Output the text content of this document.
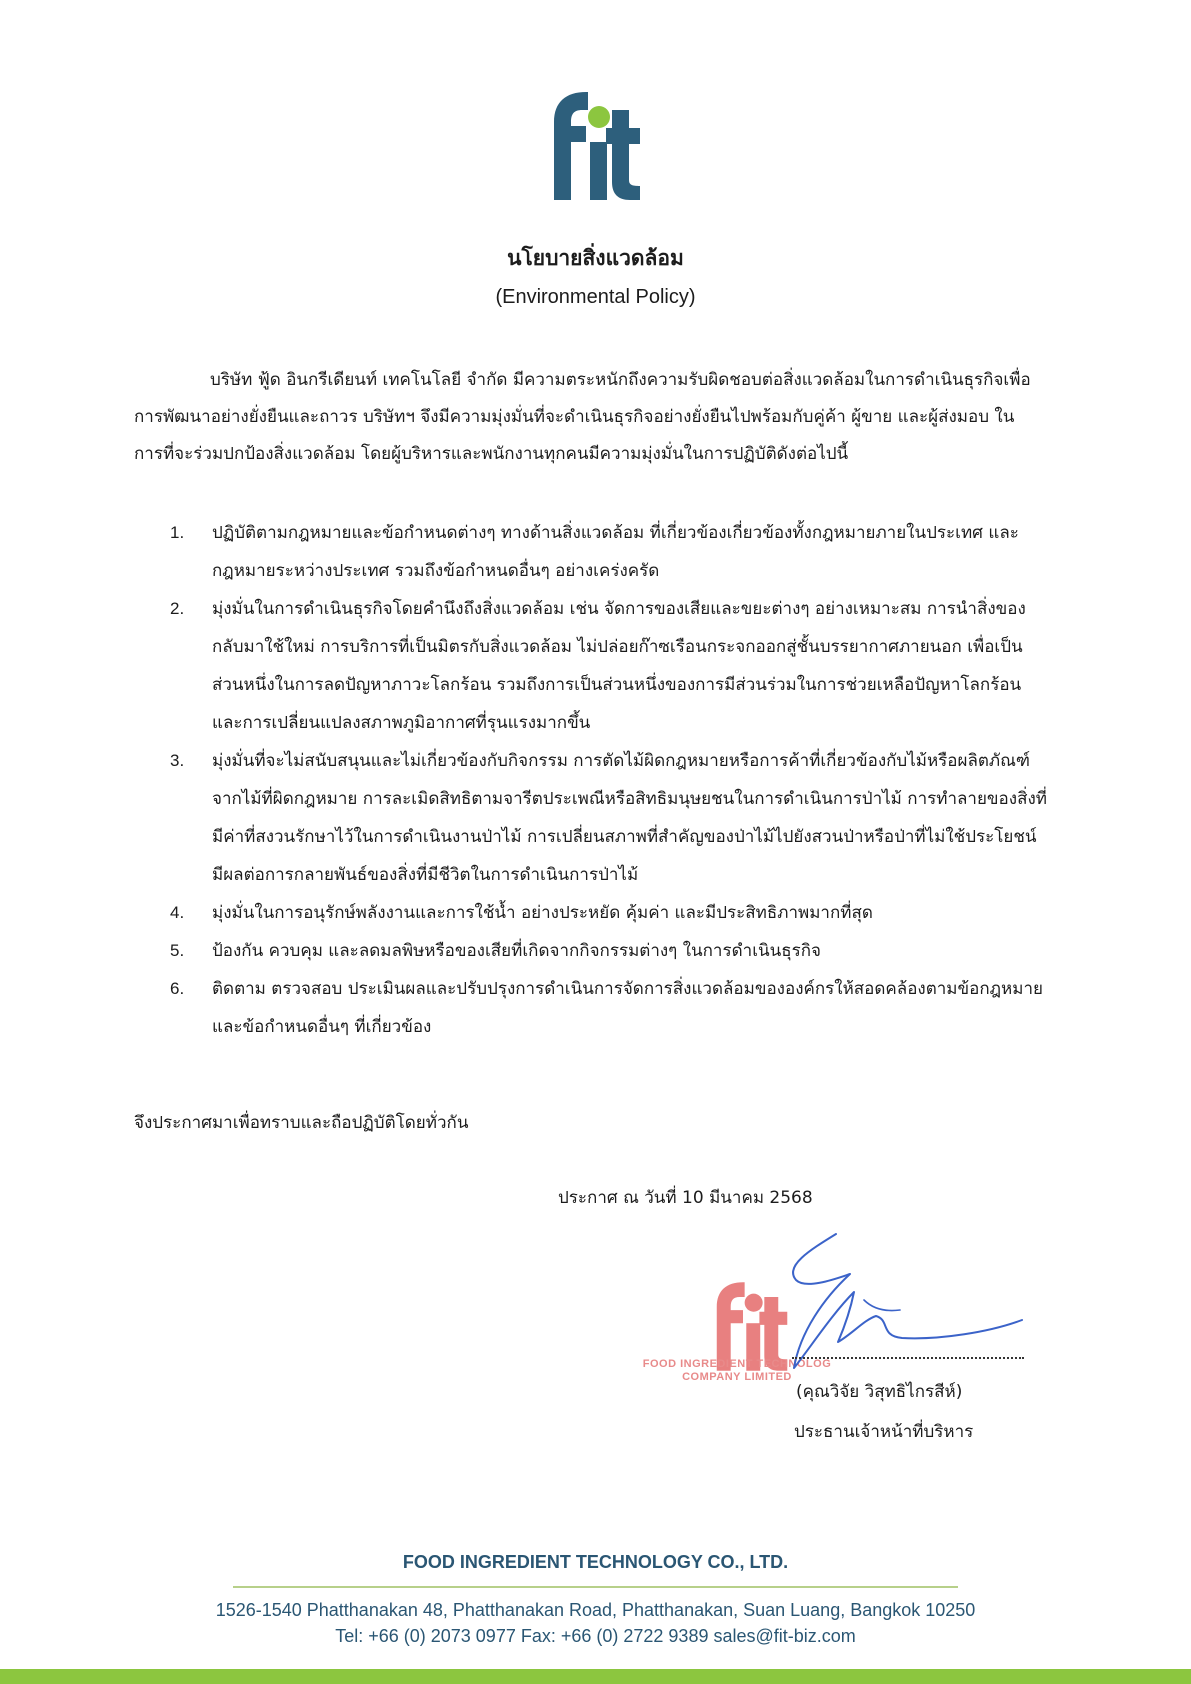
นโยบายสิ่งแวดล้อม
(Environmental Policy)

บริษัท ฟู้ด อินกรีเดียนท์ เทคโนโลยี จำกัด มีความตระหนักถึงความรับผิดชอบต่อสิ่งแวดล้อมในการดำเนินธุรกิจเพื่อการพัฒนาอย่างยั่งยืนและถาวร บริษัทฯ จึงมีความมุ่งมั่นที่จะดำเนินธุรกิจอย่างยั่งยืนไปพร้อมกับคู่ค้า ผู้ขาย และผู้ส่งมอบ ในการที่จะร่วมปกป้องสิ่งแวดล้อม โดยผู้บริหารและพนักงานทุกคนมีความมุ่งมั่นในการปฏิบัติดังต่อไปนี้

1.	ปฏิบัติตามกฎหมายและข้อกำหนดต่างๆ ทางด้านสิ่งแวดล้อม ที่เกี่ยวข้องเกี่ยวข้องทั้งกฎหมายภายในประเทศ และกฎหมายระหว่างประเทศ รวมถึงข้อกำหนดอื่นๆ อย่างเคร่งครัด
2.	มุ่งมั่นในการดำเนินธุรกิจโดยคำนึงถึงสิ่งแวดล้อม เช่น จัดการของเสียและขยะต่างๆ อย่างเหมาะสม การนำสิ่งของกลับมาใช้ใหม่ การบริการที่เป็นมิตรกับสิ่งแวดล้อม ไม่ปล่อยก๊าซเรือนกระจกออกสู่ชั้นบรรยากาศภายนอก เพื่อเป็นส่วนหนึ่งในการลดปัญหาภาวะโลกร้อน รวมถึงการเป็นส่วนหนึ่งของการมีส่วนร่วมในการช่วยเหลือปัญหาโลกร้อนและการเปลี่ยนแปลงสภาพภูมิอากาศที่รุนแรงมากขึ้น
3.	มุ่งมั่นที่จะไม่สนับสนุนและไม่เกี่ยวข้องกับกิจกรรม การตัดไม้ผิดกฎหมายหรือการค้าที่เกี่ยวข้องกับไม้หรือผลิตภัณฑ์จากไม้ที่ผิดกฎหมาย การละเมิดสิทธิตามจารีตประเพณีหรือสิทธิมนุษยชนในการดำเนินการป่าไม้ การทำลายของสิ่งที่มีค่าที่สงวนรักษาไว้ในการดำเนินงานป่าไม้ การเปลี่ยนสภาพที่สำคัญของป่าไม้ไปยังสวนป่าหรือป่าที่ไม่ใช้ประโยชน์ มีผลต่อการกลายพันธ์ของสิ่งที่มีชีวิตในการดำเนินการป่าไม้
4.	มุ่งมั่นในการอนุรักษ์พลังงานและการใช้น้ำ อย่างประหยัด คุ้มค่า และมีประสิทธิภาพมากที่สุด
5.	ป้องกัน ควบคุม และลดมลพิษหรือของเสียที่เกิดจากกิจกรรมต่างๆ ในการดำเนินธุรกิจ
6.	ติดตาม ตรวจสอบ ประเมินผลและปรับปรุงการดำเนินการจัดการสิ่งแวดล้อมขององค์กรให้สอดคล้องตามข้อกฎหมาย และข้อกำหนดอื่นๆ ที่เกี่ยวข้อง
จึงประกาศมาเพื่อทราบและถือปฏิบัติโดยทั่วกัน
ประกาศ ณ วันที่ 10 มีนาคม 2568
FOOD INGREDIENT TECHNOLOG
COMPANY LIMITED
(คุณวิจัย วิสุทธิไกรสีห์)
ประธานเจ้าหน้าที่บริหาร
FOOD INGREDIENT TECHNOLOGY CO., LTD.
1526-1540 Phatthanakan 48, Phatthanakan Road, Phatthanakan, Suan Luang, Bangkok 10250
Tel: +66 (0) 2073 0977 Fax: +66 (0) 2722 9389 sales@fit-biz.com
